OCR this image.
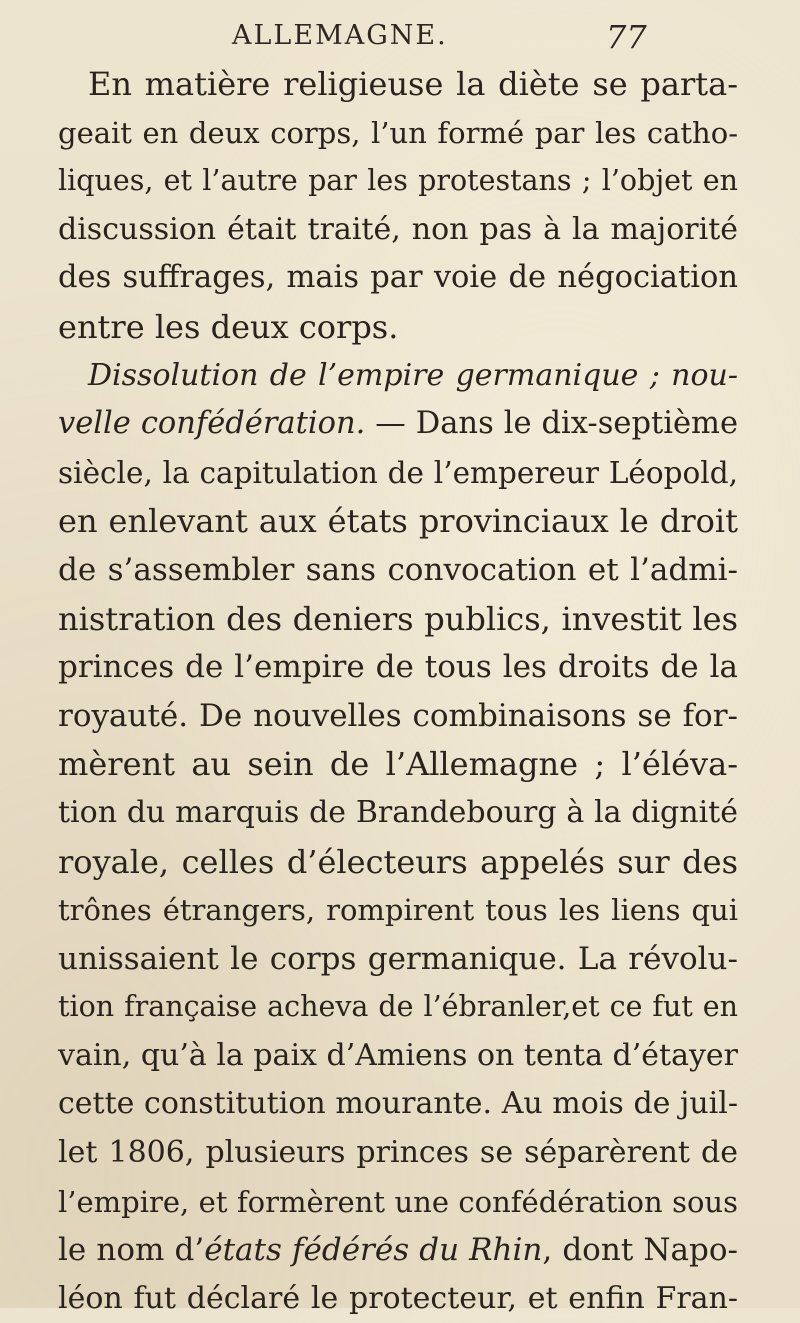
ALLEMAGNE.	77
En matière religieuse la diète se parta-
geait en deux corps, l’un formé par les catho-
liques, et l’autre par les protestans ; l’objet en
discussion était traité, non pas à la majorité
des suffrages, mais par voie de négociation
entre les deux corps.
Dissolution de l’empire germanique ; nou-
velle confédération. — Dans le dix-septième
siècle, la capitulation de l’empereur Léopold,
en enlevant aux états provinciaux le droit
de s’assembler sans convocation et l’admi-
nistration des deniers publics, investit les
princes de l’empire de tous les droits de la
royauté. De nouvelles combinaisons se for-
mèrent au sein de l’Allemagne ; l’éléva-
tion du marquis de Brandebourg à la dignité
royale, celles d’électeurs appelés sur des
trônes étrangers, rompirent tous les liens qui
unissaient le corps germanique. La révolu-
tion française acheva de l’ébranler,et ce fut en
vain, qu’à la paix d’Amiens on tenta d’étayer
cette constitution mourante. Au mois de juil-
let 1806, plusieurs princes se séparèrent de
l’empire, et formèrent une confédération sous
le nom d’états fédérés du Rhin, dont Napo-
léon fut déclaré le protecteur, et enfin Fran-
